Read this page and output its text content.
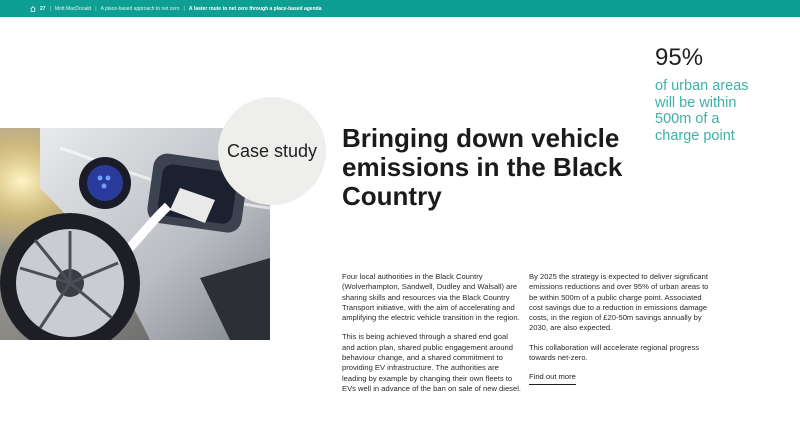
27 | Mott MacDonald | A place-based approach to net zero | A faster route to net zero through a place-based agenda
Case study Bringing down vehicle emissions in the Black Country
95%
of urban areas will be within 500m of a charge point

Four local authorities in the Black Country (Wolverhampton, Sandwell, Dudley and Walsall) are sharing skills and resources via the Black Country Transport initiative, with the aim of accelerating and amplifying the electric vehicle transition in the region.

This is being achieved through a shared end goal and action plan, shared public engagement around behaviour change, and a shared commitment to providing EV infrastructure. The authorities are leading by example by changing their own fleets to EVs well in advance of the ban on sale of new diesel.

By 2025 the strategy is expected to deliver significant emissions reductions and over 95% of urban areas to be within 500m of a public charge point. Associated cost savings due to a reduction in emissions damage costs, in the region of £20-50m savings annually by 2030, are also expected.

This collaboration will accelerate regional progress towards net-zero.

Find out more
